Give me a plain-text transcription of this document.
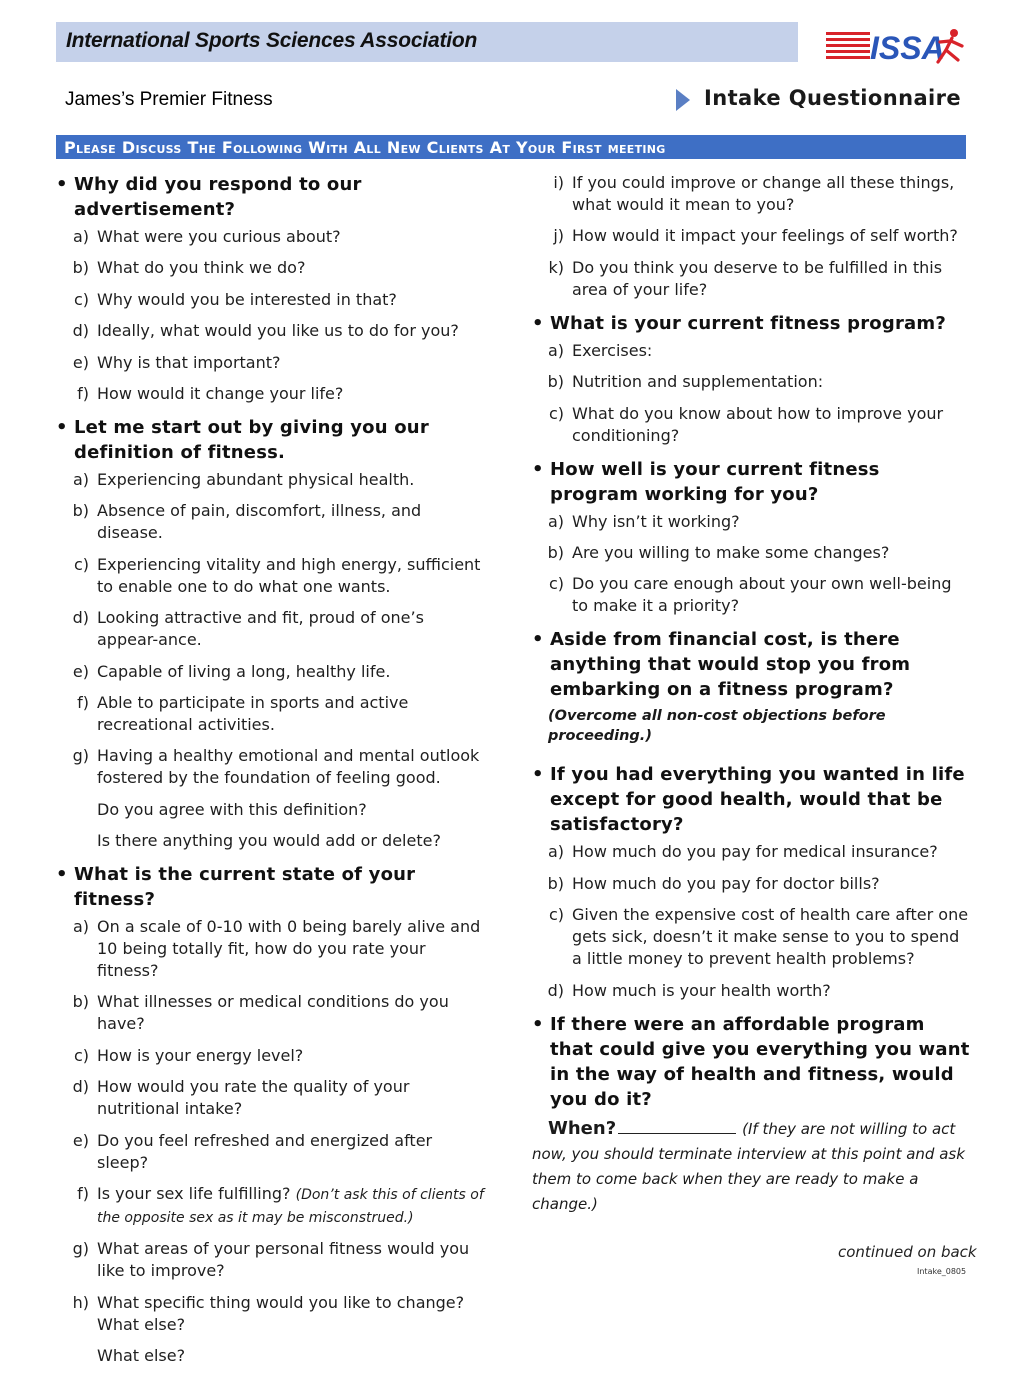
International Sports Sciences Association	ISSA
James’s Premier Fitness	Intake Questionnaire
Please Discuss The Following With All New Clients At Your First meeting
• Why did you respond to our advertisement?
a) What were you curious about?
b) What do you think we do?
c) Why would you be interested in that?
d) Ideally, what would you like us to do for you?
e) Why is that important?
f) How would it change your life?
• Let me start out by giving you our definition of fitness.
a) Experiencing abundant physical health.
b) Absence of pain, discomfort, illness, and disease.
c) Experiencing vitality and high energy, sufficient to enable one to do what one wants.
d) Looking attractive and fit, proud of one’s appear-ance.
e) Capable of living a long, healthy life.
f) Able to participate in sports and active recreational activities.
g) Having a healthy emotional and mental outlook fostered by the foundation of feeling good.
Do you agree with this definition?
Is there anything you would add or delete?
• What is the current state of your fitness?
a) On a scale of 0-10 with 0 being barely alive and 10 being totally fit, how do you rate your fitness?
b) What illnesses or medical conditions do you have?
c) How is your energy level?
d) How would you rate the quality of your nutritional intake?
e) Do you feel refreshed and energized after sleep?
f) Is your sex life fulfilling? (Don’t ask this of clients of the opposite sex as it may be misconstrued.)
g) What areas of your personal fitness would you like to improve?
h) What specific thing would you like to change? What else?
What else?
i) If you could improve or change all these things, what would it mean to you?
j) How would it impact your feelings of self worth?
k) Do you think you deserve to be fulfilled in this area of your life?
• What is your current fitness program?
a) Exercises:
b) Nutrition and supplementation:
c) What do you know about how to improve your conditioning?
• How well is your current fitness program working for you?
a) Why isn’t it working?
b) Are you willing to make some changes?
c) Do you care enough about your own well-being to make it a priority?
• Aside from financial cost, is there anything that would stop you from embarking on a fitness program?
(Overcome all non-cost objections before proceeding.)
• If you had everything you wanted in life except for good health, would that be satisfactory?
a) How much do you pay for medical insurance?
b) How much do you pay for doctor bills?
c) Given the expensive cost of health care after one gets sick, doesn’t it make sense to you to spend a little money to prevent health problems?
d) How much is your health worth?
• If there were an affordable program that could give you everything you want in the way of health and fitness, would you do it?
When?	(If they are not willing to act now, you should terminate interview at this point and ask them to come back when they are ready to make a change.)
continued on back
Intake_0805
